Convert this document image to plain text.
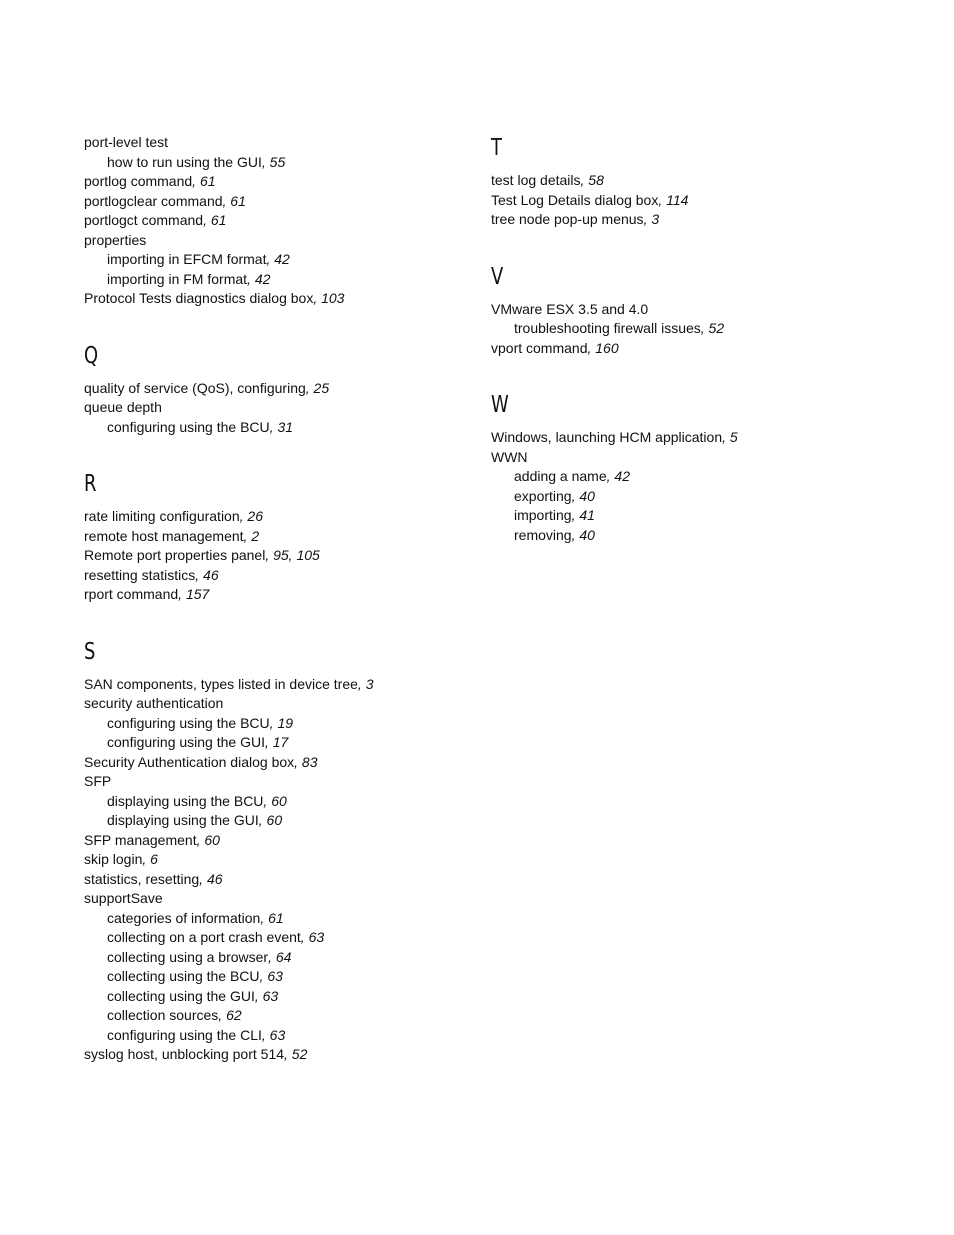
port-level test
how to run using the GUI, 55
portlog command, 61
portlogclear command, 61
portlogct command, 61
properties
importing in EFCM format, 42
importing in FM format, 42
Protocol Tests diagnostics dialog box, 103
Q
quality of service (QoS), configuring, 25
queue depth
configuring using the BCU, 31
R
rate limiting configuration, 26
remote host management, 2
Remote port properties panel, 95, 105
resetting statistics, 46
rport command, 157
S
SAN components, types listed in device tree, 3
security authentication
configuring using the BCU, 19
configuring using the GUI, 17
Security Authentication dialog box, 83
SFP
displaying using the BCU, 60
displaying using the GUI, 60
SFP management, 60
skip login, 6
statistics, resetting, 46
supportSave
categories of information, 61
collecting on a port crash event, 63
collecting using a browser, 64
collecting using the BCU, 63
collecting using the GUI, 63
collection sources, 62
configuring using the CLI, 63
syslog host, unblocking port 514, 52
T
test log details, 58
Test Log Details dialog box, 114
tree node pop-up menus, 3
V
VMware ESX 3.5 and 4.0
troubleshooting firewall issues, 52
vport command, 160
W
Windows, launching HCM application, 5
WWN
adding a name, 42
exporting, 40
importing, 41
removing, 40
